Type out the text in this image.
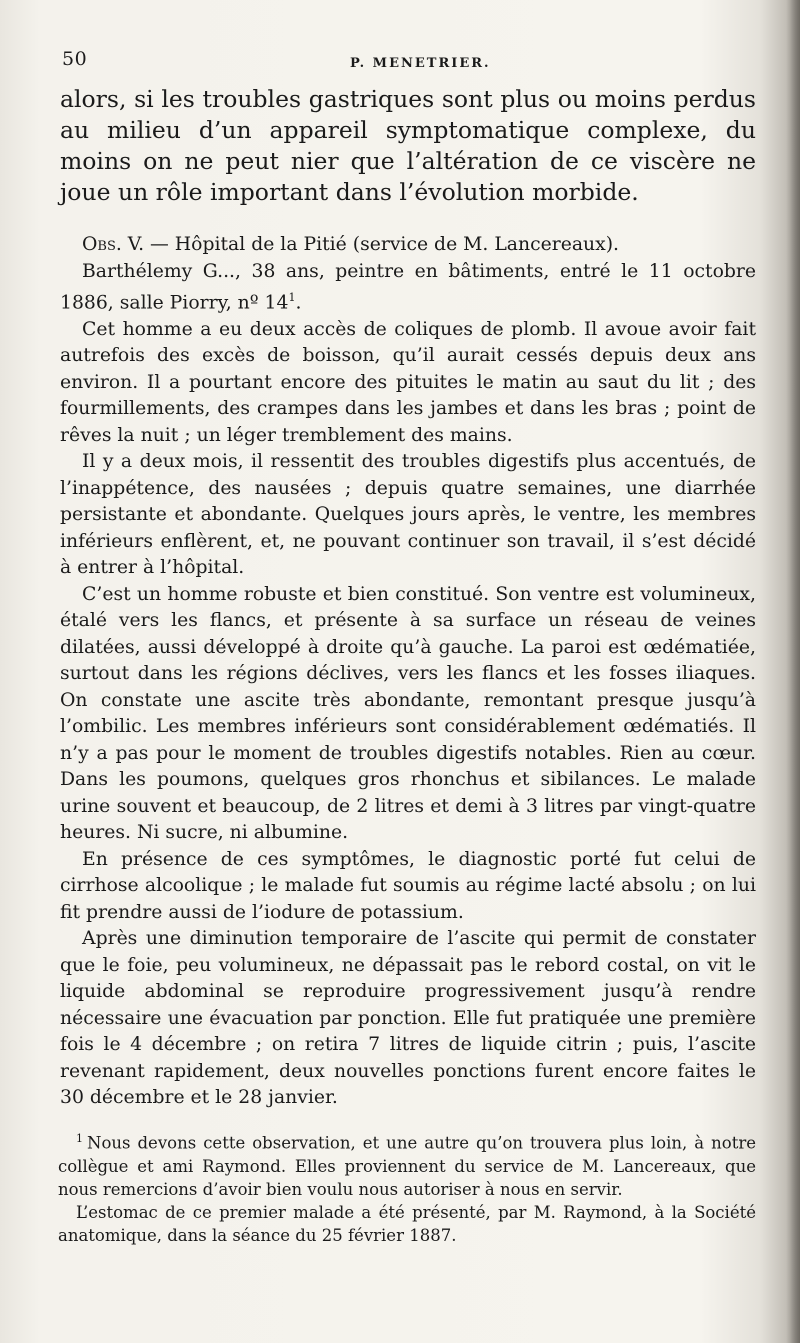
50	P. MENETRIER.

alors, si les troubles gastriques sont plus ou moins perdus au milieu d’un appareil symptomatique complexe, du moins on ne peut nier que l’altération de ce viscère ne joue un rôle important dans l’évolution morbide.

Obs. V. — Hôpital de la Pitié (service de M. Lancereaux).

Barthélemy G..., 38 ans, peintre en bâtiments, entré le 11 octobre 1886, salle Piorry, nº $14^1$.

Cet homme a eu deux accès de coliques de plomb. Il avoue avoir fait autrefois des excès de boisson, qu’il aurait cessés depuis deux ans environ. Il a pourtant encore des pituites le matin au saut du lit ; des fourmillements, des crampes dans les jambes et dans les bras ; point de rêves la nuit ; un léger tremblement des mains.

Il y a deux mois, il ressentit des troubles digestifs plus accentués, de l’inappétence, des nausées ; depuis quatre semaines, une diarrhée persistante et abondante. Quelques jours après, le ventre, les membres inférieurs enflèrent, et, ne pouvant continuer son travail, il s’est décidé à entrer à l’hôpital.

C’est un homme robuste et bien constitué. Son ventre est volumineux, étalé vers les flancs, et présente à sa surface un réseau de veines dilatées, aussi développé à droite qu’à gauche. La paroi est œdématiée, surtout dans les régions déclives, vers les flancs et les fosses iliaques. On constate une ascite très abondante, remontant presque jusqu’à l’ombilic. Les membres inférieurs sont considérablement œdématiés. Il n’y a pas pour le moment de troubles digestifs notables. Rien au cœur. Dans les poumons, quelques gros rhonchus et sibilances. Le malade urine souvent et beaucoup, de 2 litres et demi à 3 litres par vingt-quatre heures. Ni sucre, ni albumine.

En présence de ces symptômes, le diagnostic porté fut celui de cirrhose alcoolique ; le malade fut soumis au régime lacté absolu ; on lui fit prendre aussi de l’iodure de potassium.

Après une diminution temporaire de l’ascite qui permit de constater que le foie, peu volumineux, ne dépassait pas le rebord costal, on vit le liquide abdominal se reproduire progressivement jusqu’à rendre nécessaire une évacuation par ponction. Elle fut pratiquée une première fois le 4 décembre ; on retira 7 litres de liquide citrin ; puis, l’ascite revenant rapidement, deux nouvelles ponctions furent encore faites le 30 décembre et le 28 janvier.

$^1$ Nous devons cette observation, et une autre qu’on trouvera plus loin, à notre collègue et ami Raymond. Elles proviennent du service de M. Lancereaux, que nous remercions d’avoir bien voulu nous autoriser à nous en servir.

L’estomac de ce premier malade a été présenté, par M. Raymond, à la Société anatomique, dans la séance du 25 février 1887.
